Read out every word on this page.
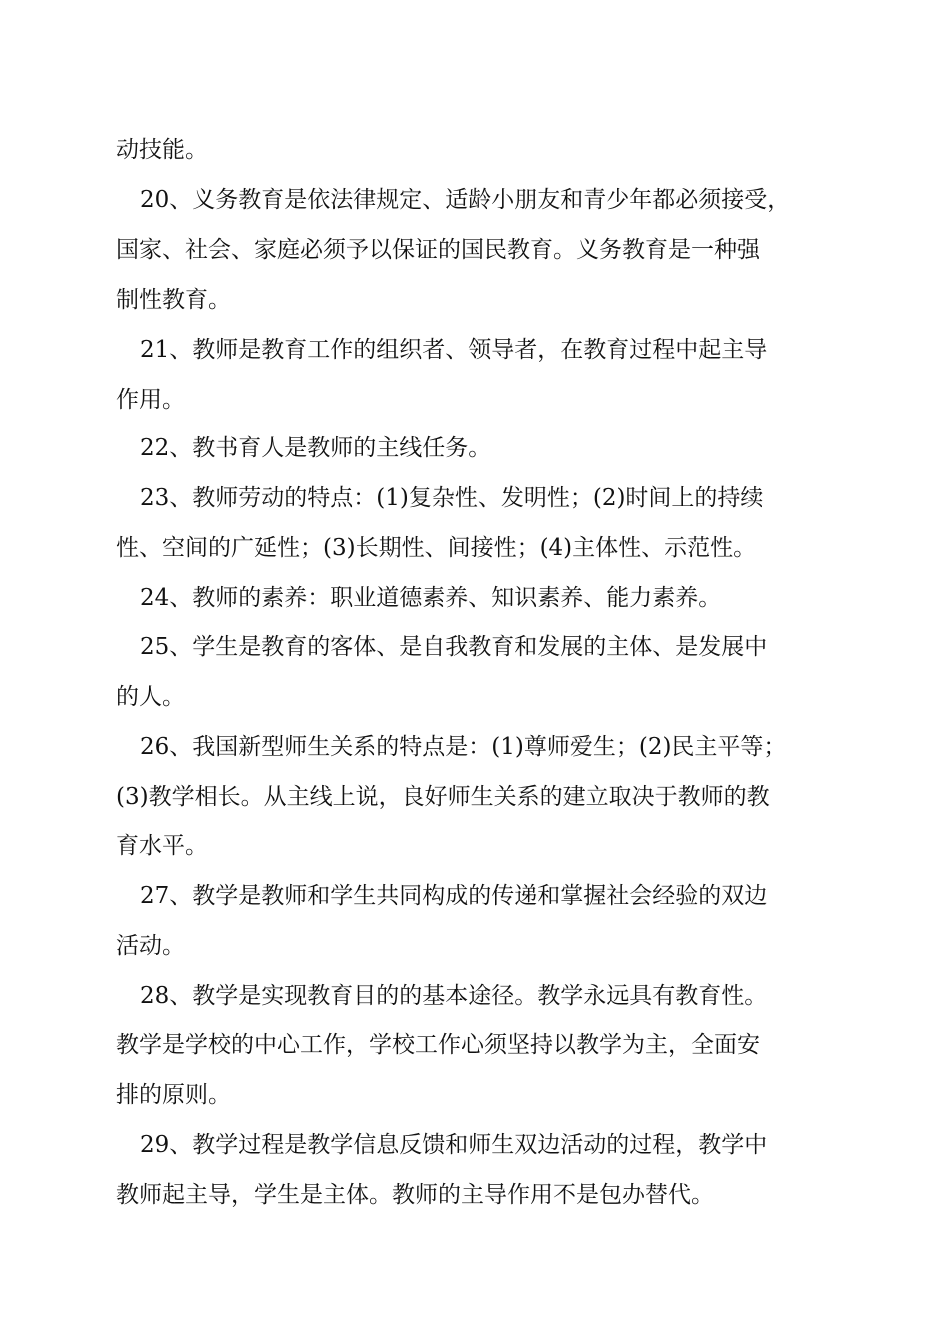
动技能。
20、义务教育是依法律规定、适龄小朋友和青少年都必须接受，
国家、社会、家庭必须予以保证的国民教育。义务教育是一种强
制性教育。
21、教师是教育工作的组织者、领导者，在教育过程中起主导
作用。
22、教书育人是教师的主线任务。
23、教师劳动的特点：(1)复杂性、发明性；(2)时间上的持续
性、空间的广延性；(3)长期性、间接性；(4)主体性、示范性。
24、教师的素养：职业道德素养、知识素养、能力素养。
25、学生是教育的客体、是自我教育和发展的主体、是发展中
的人。
26、我国新型师生关系的特点是：(1)尊师爱生；(2)民主平等；
(3)教学相长。从主线上说，良好师生关系的建立取决于教师的教
育水平。
27、教学是教师和学生共同构成的传递和掌握社会经验的双边
活动。
28、教学是实现教育目的的基本途径。教学永远具有教育性。
教学是学校的中心工作，学校工作心须坚持以教学为主，全面安
排的原则。
29、教学过程是教学信息反馈和师生双边活动的过程，教学中
教师起主导，学生是主体。教师的主导作用不是包办替代。
